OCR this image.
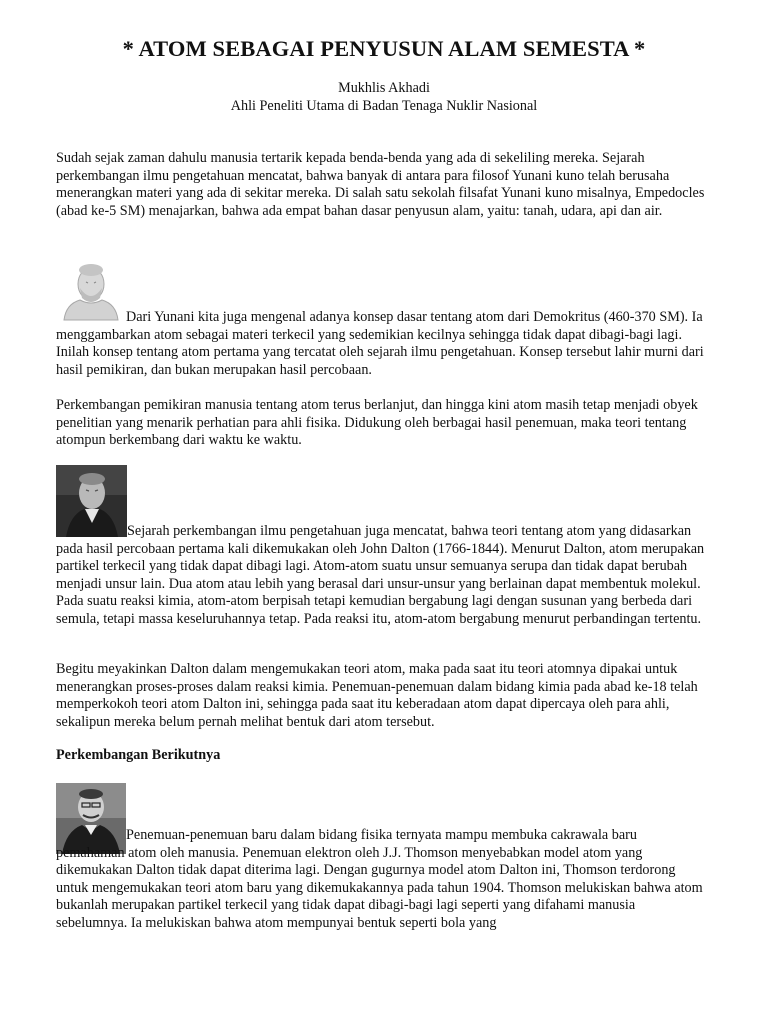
* ATOM SEBAGAI PENYUSUN ALAM SEMESTA *
Mukhlis Akhadi
Ahli Peneliti Utama di Badan Tenaga Nuklir Nasional

Sudah sejak zaman dahulu manusia tertarik kepada benda-benda yang ada di sekeliling mereka. Sejarah perkembangan ilmu pengetahuan mencatat, bahwa banyak di antara para filosof Yunani kuno telah berusaha menerangkan materi yang ada di sekitar mereka. Di salah satu sekolah filsafat Yunani kuno misalnya, Empedocles (abad ke-5 SM) menajarkan, bahwa ada empat bahan dasar penyusun alam, yaitu: tanah, udara, api dan air.

Dari Yunani kita juga mengenal adanya konsep dasar tentang atom dari Demokritus (460-370 SM). Ia menggambarkan atom sebagai materi terkecil yang sedemikian kecilnya sehingga tidak dapat dibagi-bagi lagi. Inilah konsep tentang atom pertama yang tercatat oleh sejarah ilmu pengetahuan. Konsep tersebut lahir murni dari hasil pemikiran, dan bukan merupakan hasil percobaan.

Perkembangan pemikiran manusia tentang atom terus berlanjut, dan hingga kini atom masih tetap menjadi obyek penelitian yang menarik perhatian para ahli fisika. Didukung oleh berbagai hasil penemuan, maka teori tentang atompun berkembang dari waktu ke waktu.

Sejarah perkembangan ilmu pengetahuan juga mencatat, bahwa teori tentang atom yang didasarkan pada hasil percobaan pertama kali dikemukakan oleh John Dalton (1766-1844). Menurut Dalton, atom merupakan partikel terkecil yang tidak dapat dibagi lagi. Atom-atom suatu unsur semuanya serupa dan tidak dapat berubah menjadi unsur lain. Dua atom atau lebih yang berasal dari unsur-unsur yang berlainan dapat membentuk molekul. Pada suatu reaksi kimia, atom-atom berpisah tetapi kemudian bergabung lagi dengan susunan yang berbeda dari semula, tetapi massa keseluruhannya tetap. Pada reaksi itu, atom-atom bergabung menurut perbandingan tertentu.

Begitu meyakinkan Dalton dalam mengemukakan teori atom, maka pada saat itu teori atomnya dipakai untuk menerangkan proses-proses dalam reaksi kimia. Penemuan-penemuan dalam bidang kimia pada abad ke-18 telah memperkokoh teori atom Dalton ini, sehingga pada saat itu keberadaan atom dapat dipercaya oleh para ahli, sekalipun mereka belum pernah melihat bentuk dari atom tersebut.

Perkembangan Berikutnya

Penemuan-penemuan baru dalam bidang fisika ternyata mampu membuka cakrawala baru pemahaman atom oleh manusia. Penemuan elektron oleh J.J. Thomson menyebabkan model atom yang dikemukakan Dalton tidak dapat diterima lagi. Dengan gugurnya model atom Dalton ini, Thomson terdorong untuk mengemukakan teori atom baru yang dikemukakannya pada tahun 1904. Thomson melukiskan bahwa atom bukanlah merupakan partikel terkecil yang tidak dapat dibagi-bagi lagi seperti yang difahami manusia sebelumnya. Ia melukiskan bahwa atom mempunyai bentuk seperti bola yang
